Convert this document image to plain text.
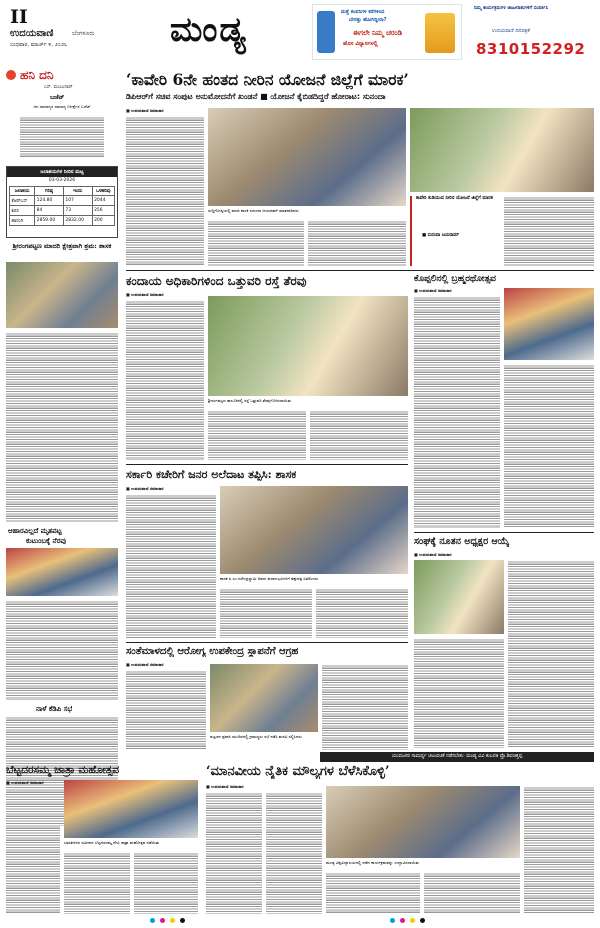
II
ಉದಯವಾಣಿ	ಬೆಂಗಳೂರು
ಬುಧವಾರ, ಮಾರ್ಚ್ ೪, ೨೦೨೬	ಮಂಡ್ಯ	ಮತ್ತೆ ಕಂಪನಿಗಳ ಕರೆಗಳಿಂದ
ಬೇಸತ್ತು ಹೋಗಿದ್ದೀರಾ?
ಈಗಲೇ ನಿಮ್ಮ ಚರಂಡಿ
ಹೊಸ ವಿನ್ಯಾಸಗಳಲ್ಲಿ
ನಿಮ್ಮ ಕಾರ್ಯಕ್ರಮಗಳ ಜಾಹೀರಾತುಗಳಿಗೆ ಸಂಪರ್ಕಿಸಿ
ಉದಯವಾಣಿ ದಿನಪತ್ರಿಕೆ
8310152292
ಹನಿ ದನಿ
ಎಸ್. ಮಂಜುನಾಥ್
ಬಜೆಟ್
ಜನ ಸಾಮಾನ್ಯರ ಸಾಮಾನ್ಯ ನಿರೀಕ್ಷೆಗಳ ಬಜೆಟ್
ಜಲಾಶಯಗಳ ನೀರಿನ ಮಟ್ಟ
03-03-2026
ಜಲಾಶಯ	ಗರಿಷ್ಠ	ಇಂದು	ಒಳಹರಿವು
ಕೆಆರ್‌ಎಸ್	124.80	107	2044
ಕಬಿನಿ	84	73	256
ಹಾರಂಗಿ	2859.00	2832.00	200
ಶ್ರೀರಂಗಪಟ್ಟಣ ಮಾದರಿ ಕ್ಷೇತ್ರವಾಗಿ ಶ್ರಮ: ಶಾಸಕ
ಆಹಾರವಿಲ್ಲದೆ ಮೃತಪಟ್ಟ
ಕುಟುಂಬಕ್ಕೆ ನೆರವು
ನಾಳೆ ಕೆಡಿಪಿ ಸಭೆ
‘ಕಾವೇರಿ 6ನೇ ಹಂತದ ನೀರಿನ ಯೋಜನೆ ಜಿಲ್ಲೆಗೆ ಮಾರಕ’
ಡಿಪಿಆರ್‌ಗೆ ಸಚಿವ ಸಂಪುಟ ಅನುಮೋದನೆಗೆ ಖಂಡನೆ ■ ಯೋಜನೆ ಕೈಬಿಡದಿದ್ದರೆ ಹೋರಾಟ: ಸುನಂದಾ
■ ಉದಯವಾಣಿ ಸಮಾಚಾರ
ಸುದ್ದಿಗೋಷ್ಠಿಯಲ್ಲಿ ಮಾಜಿ ಶಾಸಕಿ ಸುನಂದಾ ಜಯರಾಮ್ ಮಾತನಾಡಿದರು
ಕಾವೇರಿ ಕುಡಿಯುವ ನೀರಿನ ಯೋಜನೆ ಜಿಲ್ಲೆಗೆ ಮಾರಕ
■ ಸುನಂದಾ ಜಯರಾಮ್
ಕಂದಾಯ ಅಧಿಕಾರಿಗಳಿಂದ ಒತ್ತುವರಿ ರಸ್ತೆ ತೆರವು
■ ಉದಯವಾಣಿ ಸಮಾಚಾರ
ಶ್ರೀರಂಗಪಟ್ಟಣ ತಾಲೂಕಿನಲ್ಲಿ ರಸ್ತೆ ಒತ್ತುವರಿ ತೆರವುಗೊಳಿಸಲಾಯಿತು
ಕೊಪ್ಪಲಿನಲ್ಲಿ ಬ್ರಹ್ಮರಥೋತ್ಸವ
■ ಉದಯವಾಣಿ ಸಮಾಚಾರ
ಸರ್ಕಾರಿ ಕಚೇರಿಗೆ ಜನರ ಅಲೆದಾಟ ತಪ್ಪಿಸಿ: ಶಾಸಕ
■ ಉದಯವಾಣಿ ಸಮಾಚಾರ
ಶಾಸಕ ಪಿ.ಎಂ.ನರೇಂದ್ರಸ್ವಾಮಿ ಅವರು ಫಲಾನುಭವಿಗಳಿಗೆ ಹಕ್ಕುಪತ್ರ ವಿತರಿಸಿದರು
ಸಂಘಕ್ಕೆ ನೂತನ ಅಧ್ಯಕ್ಷರ ಆಯ್ಕೆ
■ ಉದಯವಾಣಿ ಸಮಾಚಾರ
ಸಂತೆಮಾಳದಲ್ಲಿ ಆರೋಗ್ಯ ಉಪಕೇಂದ್ರ ಸ್ಥಾಪನೆಗೆ ಆಗ್ರಹ
■ ಉದಯವಾಣಿ ಸಮಾಚಾರ
ಪಟ್ಟಣದ ಪ್ರವಾಸಿ ಮಂದಿರದಲ್ಲಿ ಗ್ರಾಮಸ್ಥರು ಸಭೆ ನಡೆಸಿ ಮನವಿ ಸಲ್ಲಿಸಿದರು
ಯುವಜನರ ಸಾಮರ್ಥ್ಯ ಚಟುವಟಿಕೆ ನಡೆಸಬೇಕು: ಮಂಡ್ಯ ವಿವಿ ಕುಲಪತಿ ಪ್ರೊ.ಶಿವಚಿತ್ತಪ್ಪ
ಬೆಟ್ಟದರಸಮ್ಮ ಜಾತ್ರಾ ಮಹೋತ್ಸವ
■ ಉದಯವಾಣಿ ಸಮಾಚಾರ
ಭಾರತೀನಗರ ಸಮೀಪದ ಬೆಟ್ಟದರಸಮ್ಮ ದೇವಿ ಜಾತ್ರಾ ಮಹೋತ್ಸವ ನಡೆಯಿತು
‘ಮಾನವೀಯ ನೈತಿಕ ಮೌಲ್ಯಗಳ ಬೆಳೆಸಿಕೊಳ್ಳಿ’
■ ಉದಯವಾಣಿ ಸಮಾಚಾರ
ಮಂಡ್ಯ ವಿಶ್ವವಿದ್ಯಾಲಯದಲ್ಲಿ ನಡೆದ ಕಾರ್ಯಕ್ರಮವನ್ನು ಉದ್ಘಾಟಿಸಲಾಯಿತು
